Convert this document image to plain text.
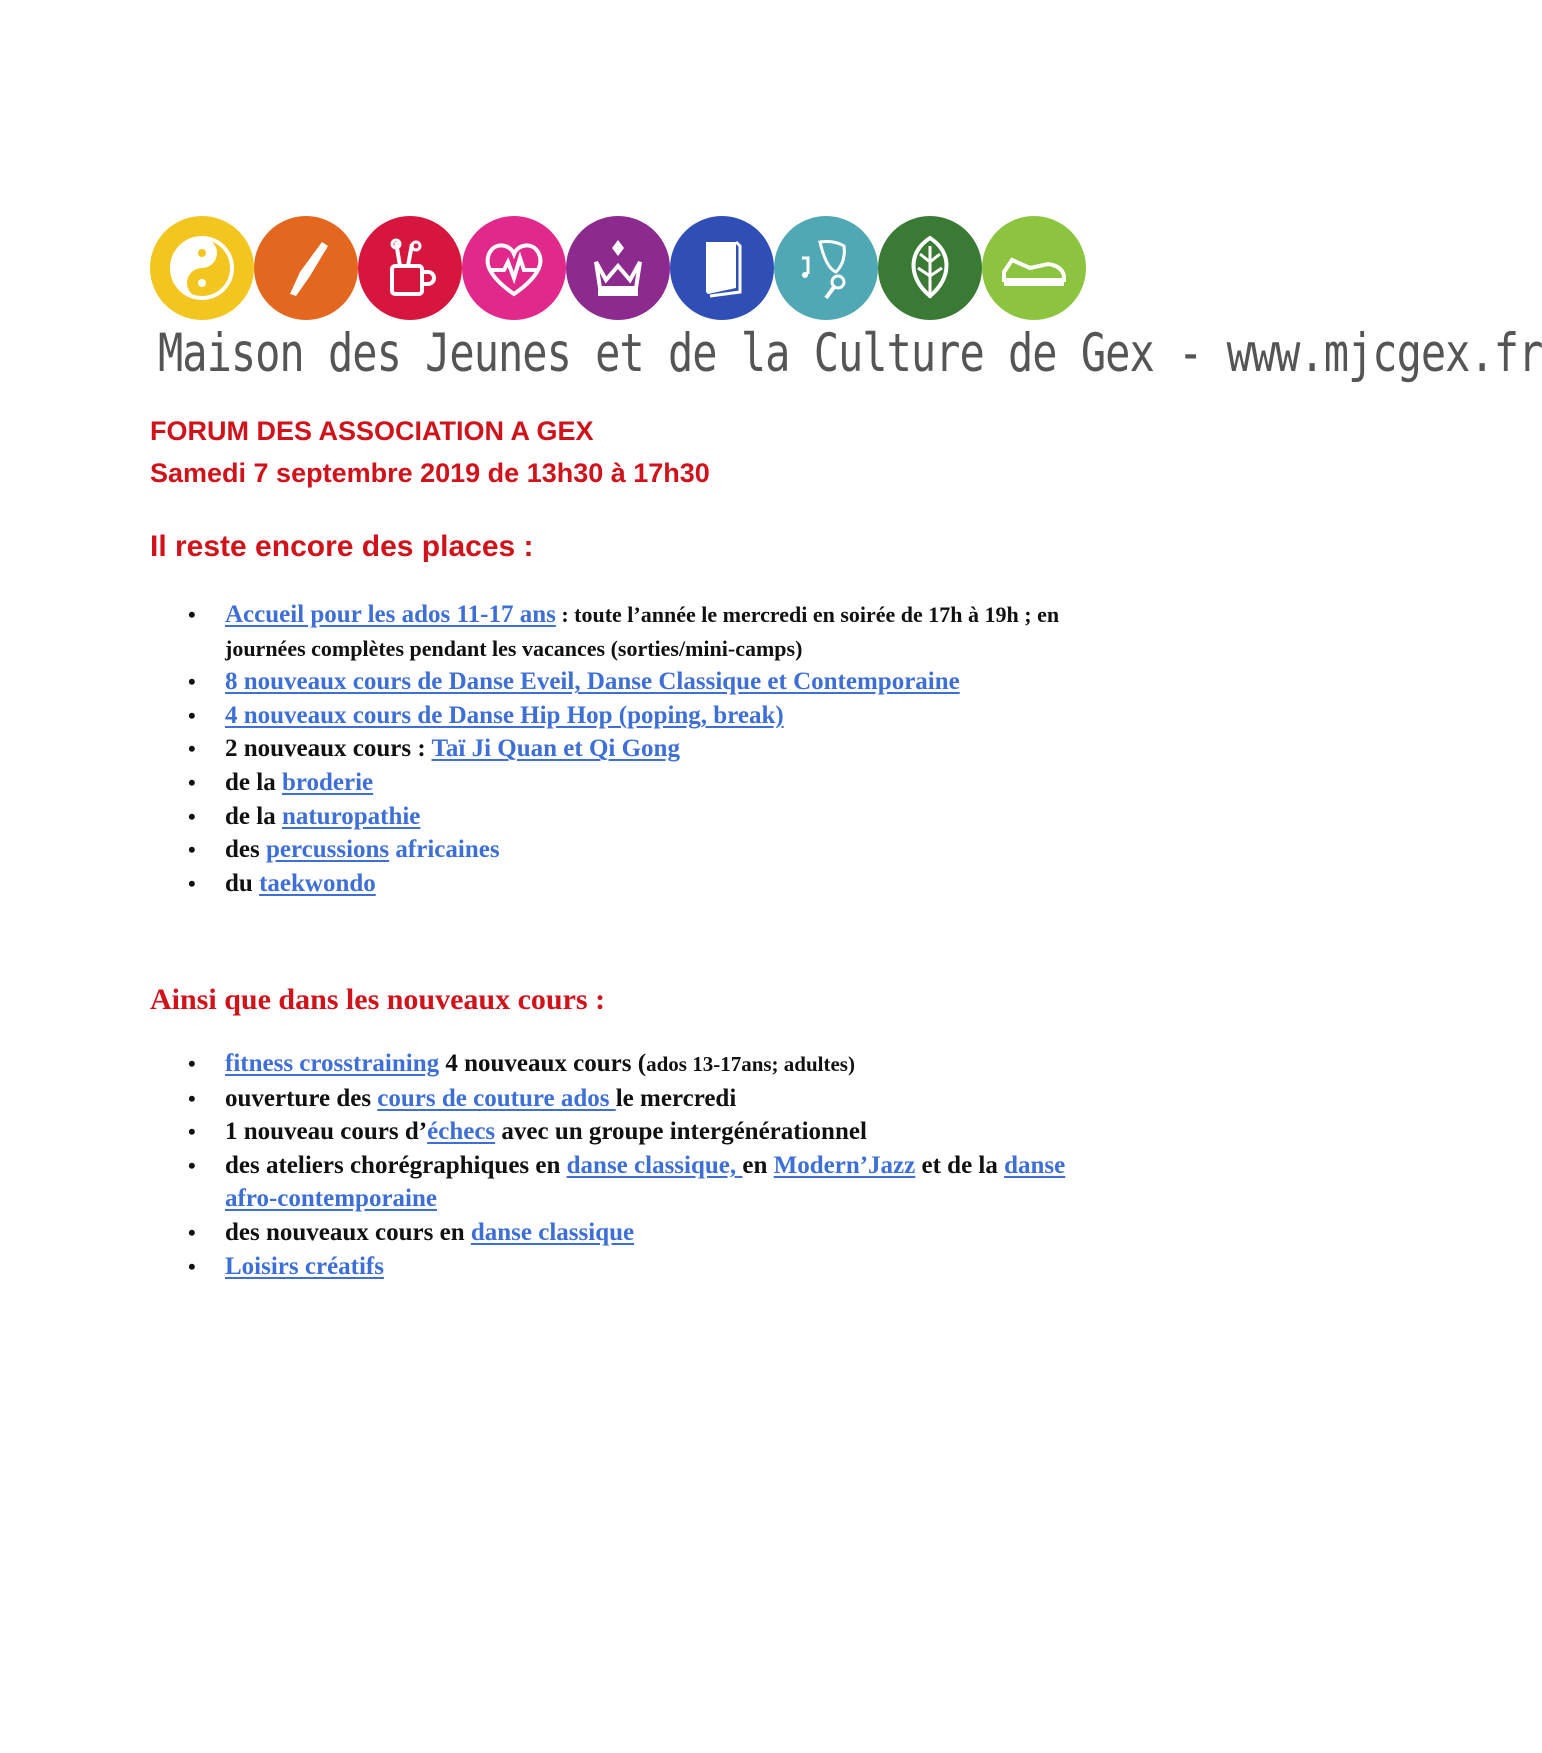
Maison des Jeunes et de la Culture de Gex - www.mjcgex.fr
FORUM DES ASSOCIATION A GEX
Samedi 7 septembre 2019 de 13h30 à 17h30
Il reste encore des places :
• Accueil pour les ados 11-17 ans : toute l’année le mercredi en soirée de 17h à 19h ; en journées complètes pendant les vacances (sorties/mini-camps)
• 8 nouveaux cours de Danse Eveil, Danse Classique et Contemporaine
• 4 nouveaux cours de Danse Hip Hop (poping, break)
• 2 nouveaux cours : Taï Ji Quan et Qi Gong
• de la broderie
• de la naturopathie
• des percussions africaines
• du taekwondo
Ainsi que dans les nouveaux cours :
• fitness crosstraining 4 nouveaux cours (ados 13-17ans; adultes)
• ouverture des cours de couture ados le mercredi
• 1 nouveau cours d’échecs avec un groupe intergénérationnel
• des ateliers chorégraphiques en danse classique, en Modern’Jazz et de la danse afro-contemporaine
• des nouveaux cours en danse classique
• Loisirs créatifs
